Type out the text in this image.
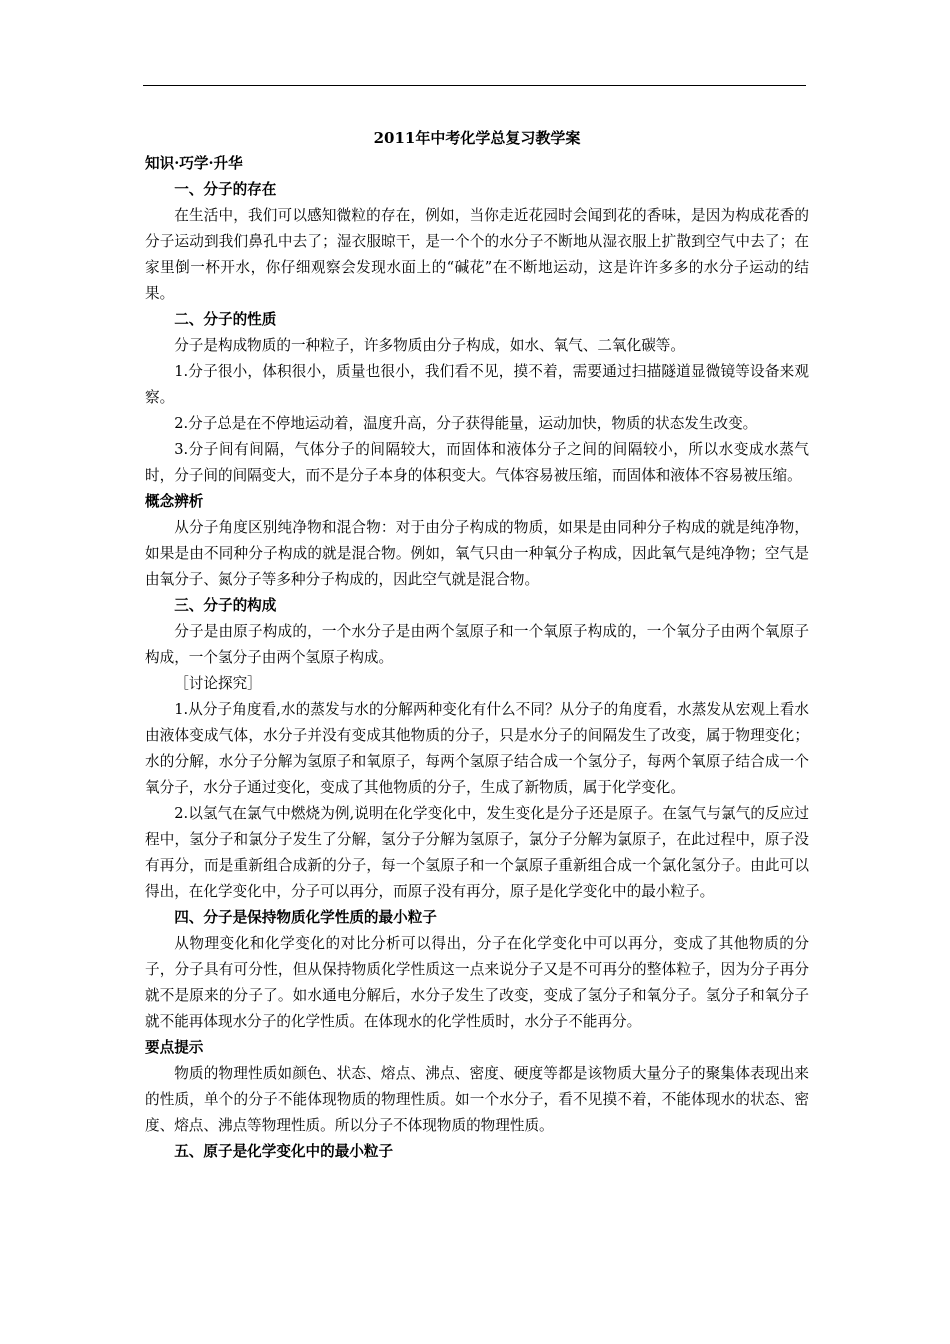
2011年中考化学总复习教学案

知识·巧学·升华

一、分子的存在

在生活中，我们可以感知微粒的存在，例如，当你走近花园时会闻到花的香味，是因为构成花香的分子运动到我们鼻孔中去了；湿衣服晾干，是一个个的水分子不断地从湿衣服上扩散到空气中去了；在家里倒一杯开水，你仔细观察会发现水面上的“碱花”在不断地运动，这是许许多多的水分子运动的结果。

二、分子的性质

分子是构成物质的一种粒子，许多物质由分子构成，如水、氧气、二氧化碳等。

1.分子很小，体积很小，质量也很小，我们看不见，摸不着，需要通过扫描隧道显微镜等设备来观察。

2.分子总是在不停地运动着，温度升高，分子获得能量，运动加快，物质的状态发生改变。

3.分子间有间隔，气体分子的间隔较大，而固体和液体分子之间的间隔较小，所以水变成水蒸气时，分子间的间隔变大，而不是分子本身的体积变大。气体容易被压缩，而固体和液体不容易被压缩。

概念辨析

从分子角度区别纯净物和混合物：对于由分子构成的物质，如果是由同种分子构成的就是纯净物，如果是由不同种分子构成的就是混合物。例如，氧气只由一种氧分子构成，因此氧气是纯净物；空气是由氧分子、氮分子等多种分子构成的，因此空气就是混合物。

三、分子的构成

分子是由原子构成的，一个水分子是由两个氢原子和一个氧原子构成的，一个氧分子由两个氧原子构成，一个氢分子由两个氢原子构成。

［讨论探究］

1.从分子角度看,水的蒸发与水的分解两种变化有什么不同？从分子的角度看，水蒸发从宏观上看水由液体变成气体，水分子并没有变成其他物质的分子，只是水分子的间隔发生了改变，属于物理变化；水的分解，水分子分解为氢原子和氧原子，每两个氢原子结合成一个氢分子，每两个氧原子结合成一个氧分子，水分子通过变化，变成了其他物质的分子，生成了新物质，属于化学变化。

2.以氢气在氯气中燃烧为例,说明在化学变化中，发生变化是分子还是原子。在氢气与氯气的反应过程中，氢分子和氯分子发生了分解，氢分子分解为氢原子，氯分子分解为氯原子，在此过程中，原子没有再分，而是重新组合成新的分子，每一个氢原子和一个氯原子重新组合成一个氯化氢分子。由此可以得出，在化学变化中，分子可以再分，而原子没有再分，原子是化学变化中的最小粒子。

四、分子是保持物质化学性质的最小粒子

从物理变化和化学变化的对比分析可以得出，分子在化学变化中可以再分，变成了其他物质的分子，分子具有可分性，但从保持物质化学性质这一点来说分子又是不可再分的整体粒子，因为分子再分就不是原来的分子了。如水通电分解后，水分子发生了改变，变成了氢分子和氧分子。氢分子和氧分子就不能再体现水分子的化学性质。在体现水的化学性质时，水分子不能再分。

要点提示

物质的物理性质如颜色、状态、熔点、沸点、密度、硬度等都是该物质大量分子的聚集体表现出来的性质，单个的分子不能体现物质的物理性质。如一个水分子，看不见摸不着，不能体现水的状态、密度、熔点、沸点等物理性质。所以分子不体现物质的物理性质。

五、原子是化学变化中的最小粒子
